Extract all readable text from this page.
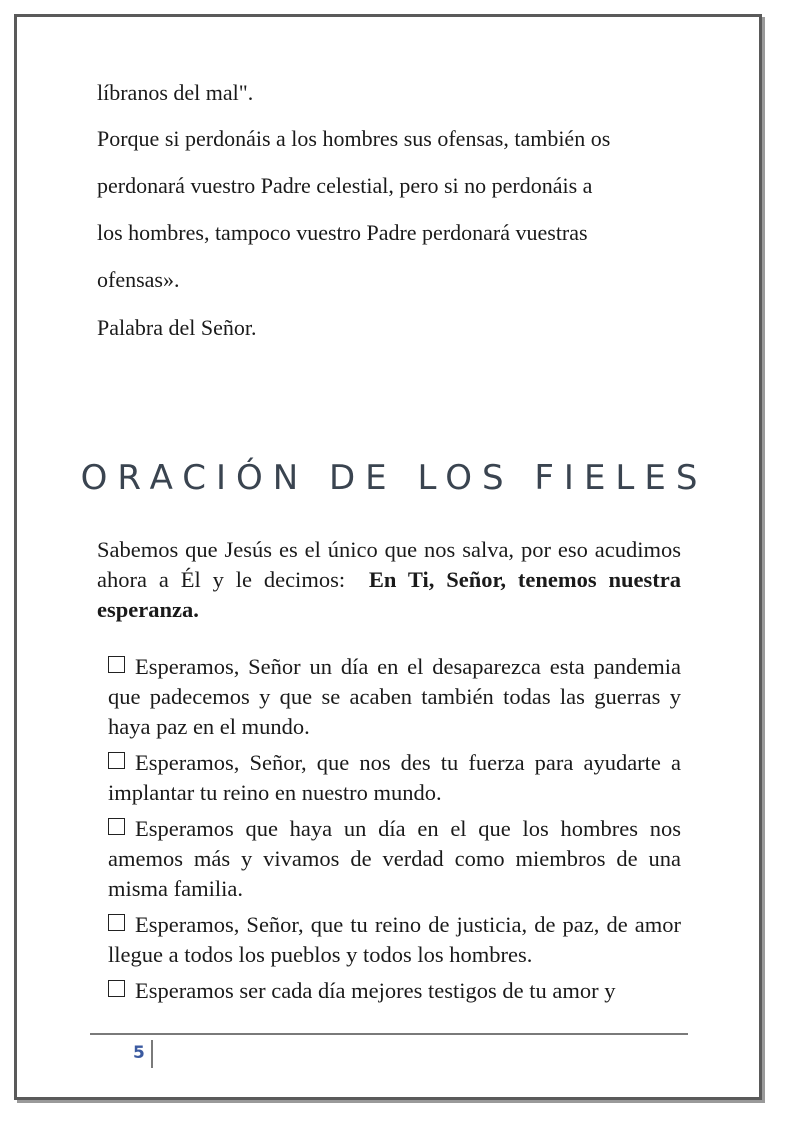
líbranos del mal".
Porque si perdonáis a los hombres sus ofensas, también os
perdonará vuestro Padre celestial, pero si no perdonáis a
los hombres, tampoco vuestro Padre perdonará vuestras
ofensas».
Palabra del Señor.
ORACIÓN DE LOS FIELES

Sabemos que Jesús es el único que nos salva, por eso acudimos ahora a Él y le decimos: En Ti, Señor, tenemos nuestra esperanza.

Esperamos, Señor un día en el desaparezca esta pandemia que padecemos y que se acaben también todas las guerras y haya paz en el mundo.
Esperamos, Señor, que nos des tu fuerza para ayudarte a implantar tu reino en nuestro mundo.
Esperamos que haya un día en el que los hombres nos amemos más y vivamos de verdad como miembros de una misma familia.
Esperamos, Señor, que tu reino de justicia, de paz, de amor llegue a todos los pueblos y todos los hombres.
Esperamos ser cada día mejores testigos de tu amor y
5
